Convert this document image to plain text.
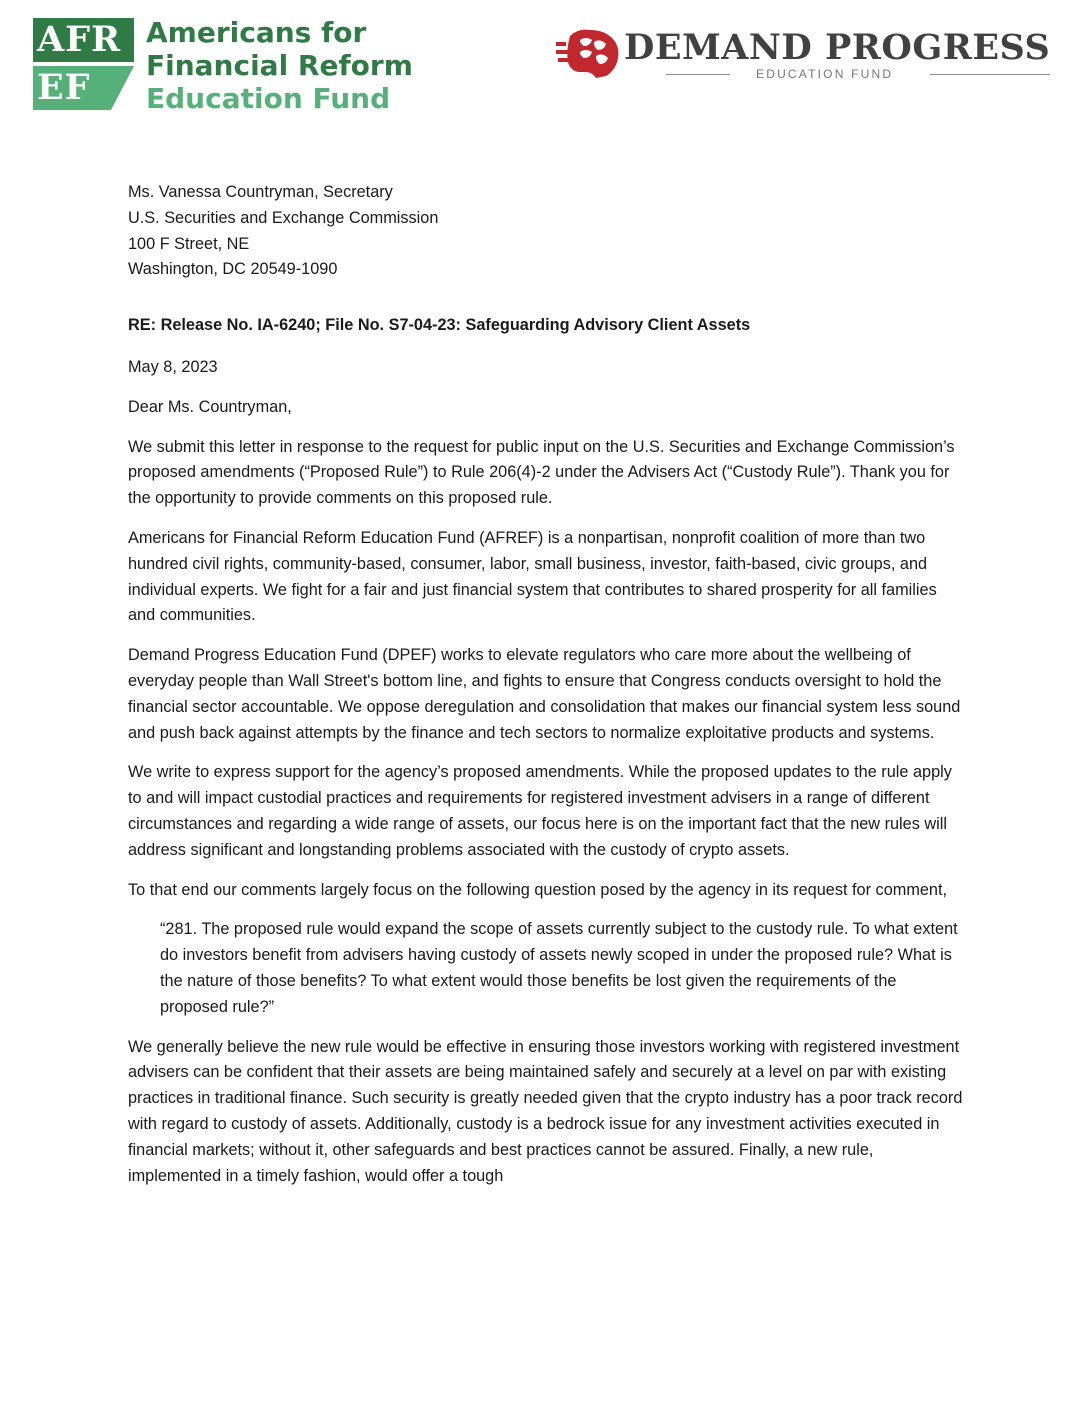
AFR
EF
Americans for
Financial Reform
Education Fund
DEMAND PROGRESS
EDUCATION FUND
Ms. Vanessa Countryman, Secretary
U.S. Securities and Exchange Commission
100 F Street, NE
Washington, DC 20549-1090
RE: Release No. IA-6240; File No. S7-04-23: Safeguarding Advisory Client Assets
May 8, 2023
Dear Ms. Countryman,
We submit this letter in response to the request for public input on the U.S. Securities and Exchange Commission’s proposed amendments (“Proposed Rule”) to Rule 206(4)-2 under the Advisers Act (“Custody Rule”). Thank you for the opportunity to provide comments on this proposed rule.
Americans for Financial Reform Education Fund (AFREF) is a nonpartisan, nonprofit coalition of more than two hundred civil rights, community-based, consumer, labor, small business, investor, faith-based, civic groups, and individual experts. We fight for a fair and just financial system that contributes to shared prosperity for all families and communities.
Demand Progress Education Fund (DPEF) works to elevate regulators who care more about the wellbeing of everyday people than Wall Street's bottom line, and fights to ensure that Congress conducts oversight to hold the financial sector accountable. We oppose deregulation and consolidation that makes our financial system less sound and push back against attempts by the finance and tech sectors to normalize exploitative products and systems.
We write to express support for the agency’s proposed amendments. While the proposed updates to the rule apply to and will impact custodial practices and requirements for registered investment advisers in a range of different circumstances and regarding a wide range of assets, our focus here is on the important fact that the new rules will address significant and longstanding problems associated with the custody of crypto assets.
To that end our comments largely focus on the following question posed by the agency in its request for comment,
“281. The proposed rule would expand the scope of assets currently subject to the custody rule. To what extent do investors benefit from advisers having custody of assets newly scoped in under the proposed rule? What is the nature of those benefits? To what extent would those benefits be lost given the requirements of the proposed rule?”
We generally believe the new rule would be effective in ensuring those investors working with registered investment advisers can be confident that their assets are being maintained safely and securely at a level on par with existing practices in traditional finance. Such security is greatly needed given that the crypto industry has a poor track record with regard to custody of assets. Additionally, custody is a bedrock issue for any investment activities executed in financial markets; without it, other safeguards and best practices cannot be assured. Finally, a new rule, implemented in a timely fashion, would offer a tough
